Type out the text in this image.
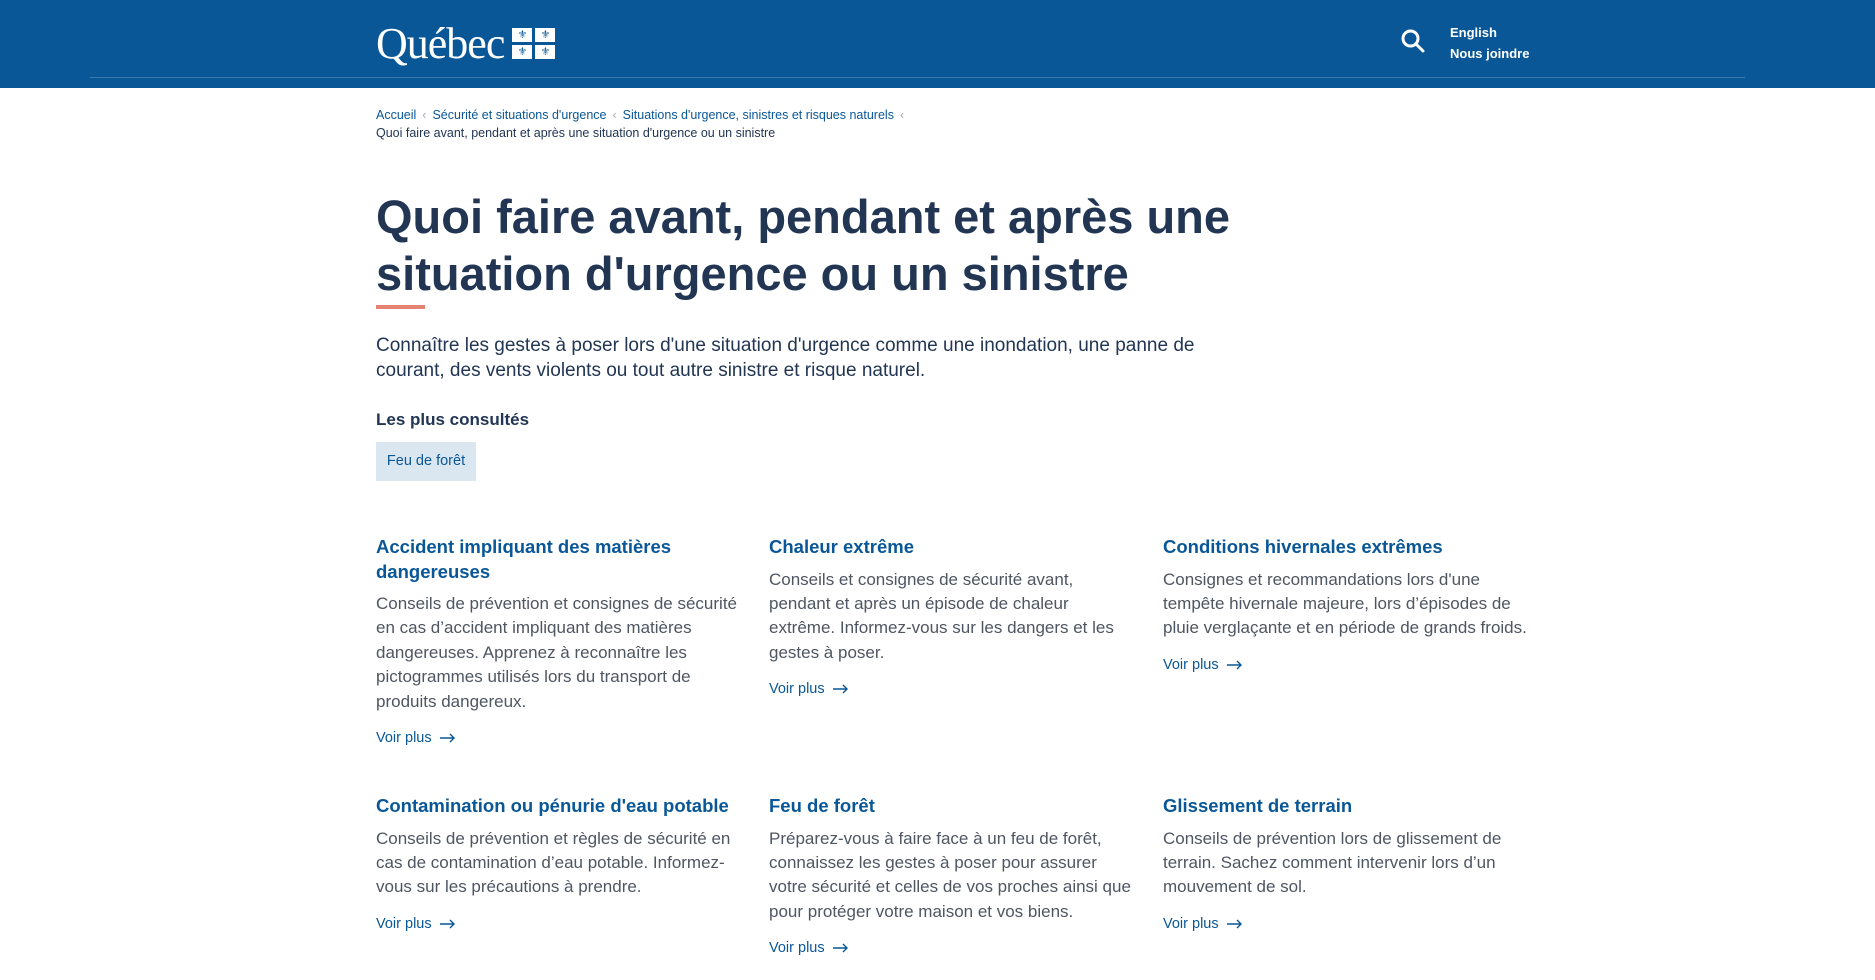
Québec	⚜	⚜
⚜	⚜
English
Nous joindre
Accueil ‹ Sécurité et situations d'urgence ‹ Situations d'urgence, sinistres et risques naturels ‹
Quoi faire avant, pendant et après une situation d'urgence ou un sinistre
Quoi faire avant, pendant et après une situation d'urgence ou un sinistre

Connaître les gestes à poser lors d'une situation d'urgence comme une inondation, une panne de courant, des vents violents ou tout autre sinistre et risque naturel.

Les plus consultés
Feu de forêt
Accident impliquant des matières dangereuses

Conseils de prévention et consignes de sécurité en cas d’accident impliquant des matières dangereuses. Apprenez à reconnaître les pictogrammes utilisés lors du transport de produits dangereux.

Voir plus
Chaleur extrême

Conseils et consignes de sécurité avant, pendant et après un épisode de chaleur extrême. Informez-vous sur les dangers et les gestes à poser.

Voir plus
Conditions hivernales extrêmes

Consignes et recommandations lors d'une tempête hivernale majeure, lors d’épisodes de pluie verglaçante et en période de grands froids.

Voir plus
Contamination ou pénurie d'eau potable

Conseils de prévention et règles de sécurité en cas de contamination d’eau potable. Informez-vous sur les précautions à prendre.

Voir plus
Feu de forêt

Préparez-vous à faire face à un feu de forêt, connaissez les gestes à poser pour assurer votre sécurité et celles de vos proches ainsi que pour protéger votre maison et vos biens.

Voir plus
Glissement de terrain

Conseils de prévention lors de glissement de terrain. Sachez comment intervenir lors d’un mouvement de sol.

Voir plus
